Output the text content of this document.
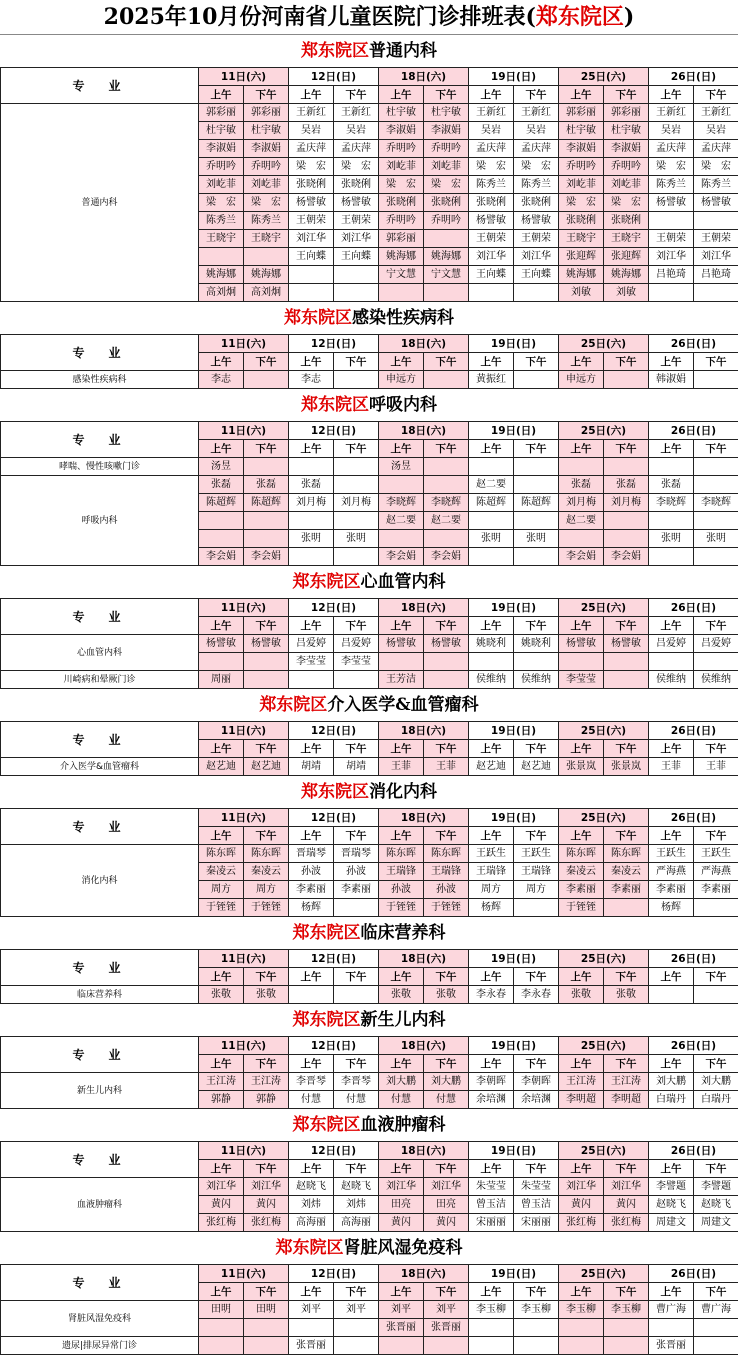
2025年10月份河南省儿童医院门诊排班表(郑东院区)
郑东院区普通内科
专　业	11日(六)		12日(日)		18日(六)		19日(日)		25日(六)		26日(日)	
	上午	下午	上午	下午	上午	下午	上午	下午	上午	下午	上午	下午
普通内科	郭彩丽	郭彩丽	王新红	王新红	杜宇敏	杜宇敏	王新红	王新红	郭彩丽	郭彩丽	王新红	王新红
	杜宇敏	杜宇敏	吴岩	吴岩	李淑娟	李淑娟	吴岩	吴岩	杜宇敏	杜宇敏	吴岩	吴岩
	李淑娟	李淑娟	孟庆萍	孟庆萍	乔明吟	乔明吟	孟庆萍	孟庆萍	李淑娟	李淑娟	孟庆萍	孟庆萍
	乔明吟	乔明吟	梁　宏	梁　宏	刘屹菲	刘屹菲	梁　宏	梁　宏	乔明吟	乔明吟	梁　宏	梁　宏
	刘屹菲	刘屹菲	张晓俐	张晓俐	梁　宏	梁　宏	陈秀兰	陈秀兰	刘屹菲	刘屹菲	陈秀兰	陈秀兰
	梁　宏	梁　宏	杨譬敏	杨譬敏	张晓俐	张晓俐	张晓俐	张晓俐	梁　宏	梁　宏	杨譬敏	杨譬敏
	陈秀兰	陈秀兰	王朝荣	王朝荣	乔明吟	乔明吟	杨譬敏	杨譬敏	张晓俐	张晓俐		
	王晓宇	王晓宇	刘江华	刘江华	郭彩丽		王朝荣	王朝荣	王晓宇	王晓宇	王朝荣	王朝荣
			王向蝶	王向蝶	姚海娜	姚海娜	刘江华	刘江华	张迎辉	张迎辉	刘江华	刘江华
	姚海娜	姚海娜			宁文慧	宁文慧	王向蝶	王向蝶	姚海娜	姚海娜	吕艳琦	吕艳琦
	高刘炯	高刘炯							刘敏	刘敏		
郑东院区感染性疾病科
专　业	11日(六)		12日(日)		18日(六)		19日(日)		25日(六)		26日(日)	
	上午	下午	上午	下午	上午	下午	上午	下午	上午	下午	上午	下午
感染性疾病科	李志		李志		申远方		黄振红		申远方		韩淑娟	
郑东院区呼吸内科
专　业	11日(六)		12日(日)		18日(六)		19日(日)		25日(六)		26日(日)	
	上午	下午	上午	下午	上午	下午	上午	下午	上午	下午	上午	下午
哮喘、慢性咳嗽门诊	汤昱				汤昱							
呼吸内科	张磊	张磊	张磊				赵二要		张磊	张磊	张磊	
	陈超辉	陈超辉	刘月梅	刘月梅	李晓辉	李晓辉	陈超辉	陈超辉	刘月梅	刘月梅	李晓辉	李晓辉
					赵二要	赵二要			赵二要			
			张明	张明			张明	张明			张明	张明
	李会娟	李会娟			李会娟	李会娟			李会娟	李会娟		
郑东院区心血管内科
专　业	11日(六)		12日(日)		18日(六)		19日(日)		25日(六)		26日(日)	
	上午	下午	上午	下午	上午	下午	上午	下午	上午	下午	上午	下午
心血管内科	杨譬敏	杨譬敏	吕爱婷	吕爱婷	杨譬敏	杨譬敏	姚晓利	姚晓利	杨譬敏	杨譬敏	吕爱婷	吕爱婷
			李莹莹	李莹莹								
川崎病和晕厥门诊	周丽				王芳洁		侯维纳	侯维纳	李莹莹		侯维纳	侯维纳
郑东院区介入医学&血管瘤科
专　业	11日(六)		12日(日)		18日(六)		19日(日)		25日(六)		26日(日)	
	上午	下午	上午	下午	上午	下午	上午	下午	上午	下午	上午	下午
介入医学&血管瘤科	赵艺迪	赵艺迪	胡靖	胡靖	王菲	王菲	赵艺迪	赵艺迪	张景岚	张景岚	王菲	王菲
郑东院区消化内科
专　业	11日(六)		12日(日)		18日(六)		19日(日)		25日(六)		26日(日)	
	上午	下午	上午	下午	上午	下午	上午	下午	上午	下午	上午	下午
消化内科	陈东晖	陈东晖	晋瑞琴	晋瑞琴	陈东晖	陈东晖	王跃生	王跃生	陈东晖	陈东晖	王跃生	王跃生
	秦凌云	秦凌云	孙波	孙波	王瑞锋	王瑞锋	王瑞锋	王瑞锋	秦凌云	秦凌云	严海燕	严海燕
	周方	周方	李素丽	李素丽	孙波	孙波	周方	周方	李素丽	李素丽	李素丽	李素丽
	于铚铚	于铚铚	杨辉		于铚铚	于铚铚	杨辉		于铚铚		杨辉	
郑东院区临床营养科
专　业	11日(六)		12日(日)		18日(六)		19日(日)		25日(六)		26日(日)	
	上午	下午	上午	下午	上午	下午	上午	下午	上午	下午	上午	下午
临床营养科	张敬	张敬			张敬	张敬	李永春	李永春	张敬	张敬		
郑东院区新生儿内科
专　业	11日(六)		12日(日)		18日(六)		19日(日)		25日(六)		26日(日)	
	上午	下午	上午	下午	上午	下午	上午	下午	上午	下午	上午	下午
新生儿内科	王江涛	王江涛	李晋琴	李晋琴	刘大鹏	刘大鹏	李朝晖	李朝晖	王江涛	王江涛	刘大鹏	刘大鹏
	郭静	郭静	付慧	付慧	付慧	付慧	余培渊	余培渊	李明超	李明超	白瑞丹	白瑞丹
郑东院区血液肿瘤科
专　业	11日(六)		12日(日)		18日(六)		19日(日)		25日(六)		26日(日)	
	上午	下午	上午	下午	上午	下午	上午	下午	上午	下午	上午	下午
血液肿瘤科	刘江华	刘江华	赵晓飞	赵晓飞	刘江华	刘江华	朱莹莹	朱莹莹	刘江华	刘江华	李譬题	李譬题
	黄闪	黄闪	刘炜	刘炜	田亮	田亮	曾玉洁	曾玉洁	黄闪	黄闪	赵晓飞	赵晓飞
	张红梅	张红梅	高海丽	高海丽	黄闪	黄闪	宋丽丽	宋丽丽	张红梅	张红梅	周建文	周建文
郑东院区肾脏风湿免疫科
专　业	11日(六)		12日(日)		18日(六)		19日(日)		25日(六)		26日(日)	
	上午	下午	上午	下午	上午	下午	上午	下午	上午	下午	上午	下午
肾脏风湿免疫科	田明	田明	刘平	刘平	刘平	刘平	李玉柳	李玉柳	李玉柳	李玉柳	曹广海	曹广海
					张晋丽	张晋丽						
遗尿|排尿异常门诊			张晋丽								张晋丽	
